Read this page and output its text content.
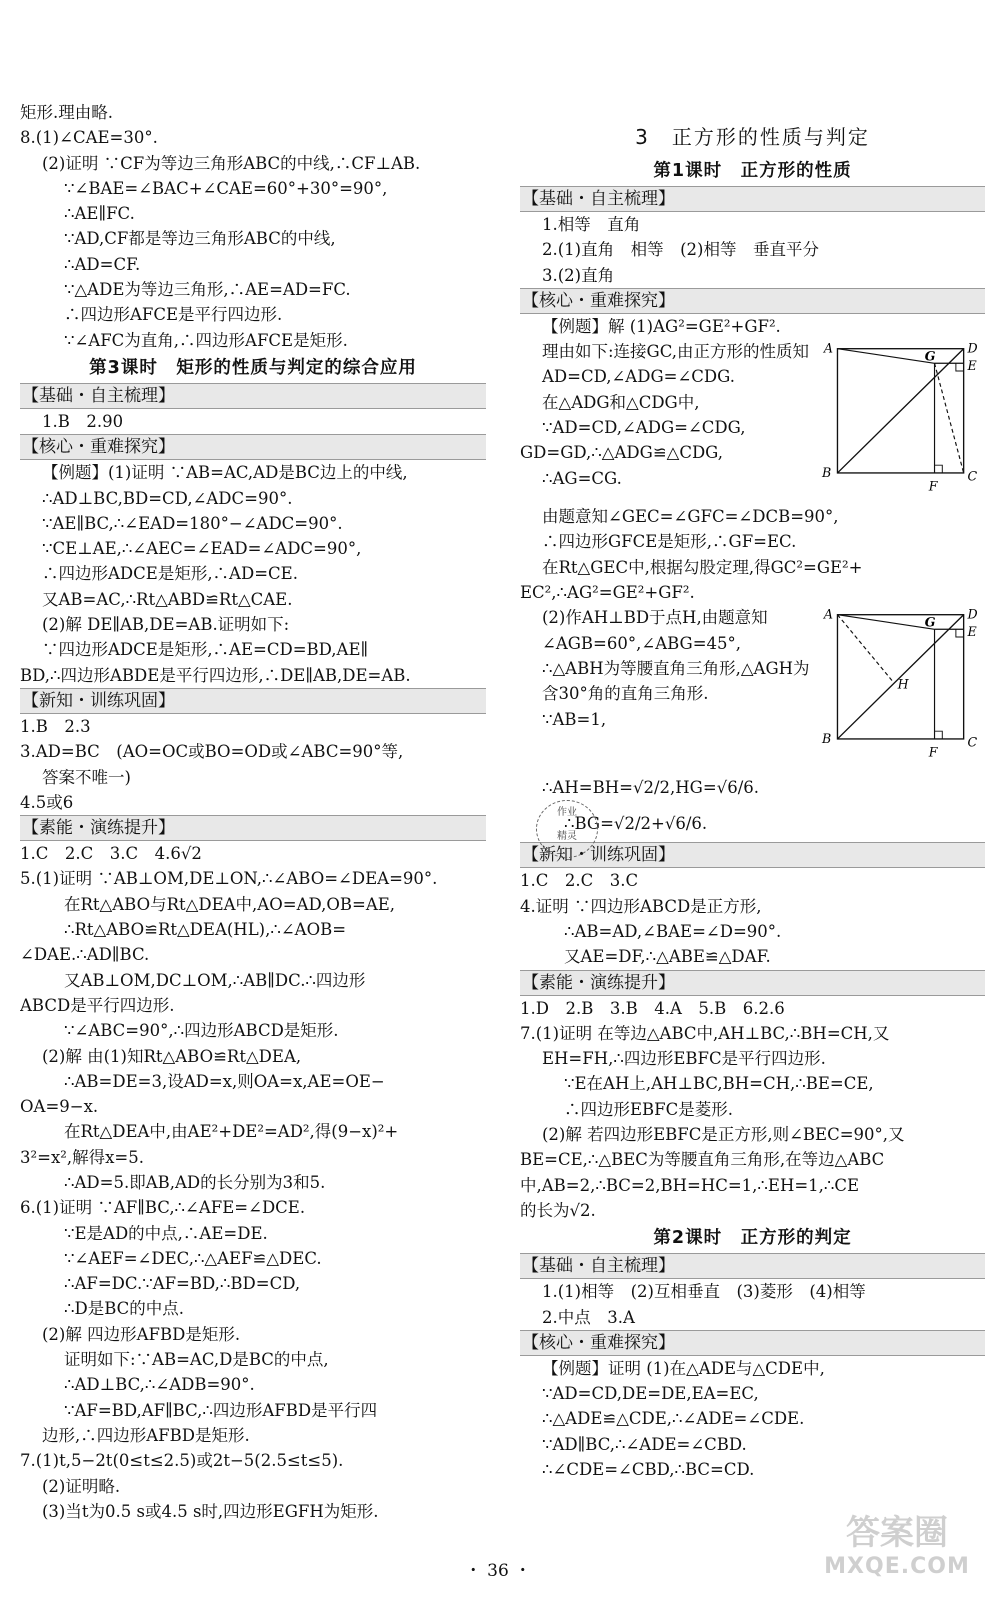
矩形.理由略.
8.(1)∠CAE=30°.
(2)证明 ∵CF为等边三角形ABC的中线,∴CF⊥AB.
∵∠BAE=∠BAC+∠CAE=60°+30°=90°,
∴AE∥FC.
∵AD,CF都是等边三角形ABC的中线,
∴AD=CF.
∵△ADE为等边三角形,∴AE=AD=FC.
∴四边形AFCE是平行四边形.
∵∠AFC为直角,∴四边形AFCE是矩形.
第3课时　矩形的性质与判定的综合应用
【基础・自主梳理】
1.B　2.90
【核心・重难探究】
【例题】(1)证明 ∵AB=AC,AD是BC边上的中线,
∴AD⊥BC,BD=CD,∠ADC=90°.
∵AE∥BC,∴∠EAD=180°−∠ADC=90°.
∵CE⊥AE,∴∠AEC=∠EAD=∠ADC=90°,
∴四边形ADCE是矩形,∴AD=CE.
又AB=AC,∴Rt△ABD≌Rt△CAE.
(2)解 DE∥AB,DE=AB.证明如下:
∵四边形ADCE是矩形,∴AE=CD=BD,AE∥
BD,∴四边形ABDE是平行四边形,∴DE∥AB,DE=AB.
【新知・训练巩固】
1.B　2.3
3.AD=BC　(AO=OC或BO=OD或∠ABC=90°等,
答案不唯一)
4.5或6
【素能・演练提升】
1.C　2.C　3.C　4.6√2
5.(1)证明 ∵AB⊥OM,DE⊥ON,∴∠ABO=∠DEA=90°.
在Rt△ABO与Rt△DEA中,AO=AD,OB=AE,
∴Rt△ABO≌Rt△DEA(HL),∴∠AOB=
∠DAE.∴AD∥BC.
又AB⊥OM,DC⊥OM,∴AB∥DC.∴四边形
ABCD是平行四边形.
∵∠ABC=90°,∴四边形ABCD是矩形.
(2)解 由(1)知Rt△ABO≌Rt△DEA,
∴AB=DE=3,设AD=x,则OA=x,AE=OE−
OA=9−x.
在Rt△DEA中,由AE²+DE²=AD²,得(9−x)²+
3²=x²,解得x=5.
∴AD=5.即AB,AD的长分别为3和5.
6.(1)证明 ∵AF∥BC,∴∠AFE=∠DCE.
∵E是AD的中点,∴AE=DE.
∵∠AEF=∠DEC,∴△AEF≌△DEC.
∴AF=DC.∵AF=BD,∴BD=CD,
∴D是BC的中点.
(2)解 四边形AFBD是矩形.
证明如下:∵AB=AC,D是BC的中点,
∴AD⊥BC,∴∠ADB=90°.
∵AF=BD,AF∥BC,∴四边形AFBD是平行四
边形,∴四边形AFBD是矩形.
7.(1)t,5−2t(0≤t≤2.5)或2t−5(2.5≤t≤5).
(2)证明略.
(3)当t为0.5 s或4.5 s时,四边形EGFH为矩形.
3　正方形的性质与判定
第1课时　正方形的性质
【基础・自主梳理】
1.相等　直角
2.(1)直角　相等　(2)相等　垂直平分
3.(2)直角
【核心・重难探究】
【例题】解 (1)AG²=GE²+GF².
A	D
G
E
B
F
C
理由如下:连接GC,由正方形的性质知AD=CD,∠ADG=∠CDG.
在△ADG和△CDG中,
∵AD=CD,∠ADG=∠CDG,
GD=GD,∴△ADG≌△CDG,
∴AG=CG.
由题意知∠GEC=∠GFC=∠DCB=90°,
∴四边形GFCE是矩形,∴GF=EC.
在Rt△GEC中,根据勾股定理,得GC²=GE²+
EC²,∴AG²=GE²+GF².
A	D
G
E
H
B
F
C
(2)作AH⊥BD于点H,由题意知∠AGB=60°,∠ABG=45°,
∴△ABH为等腰直角三角形,△AGH为含30°角的直角三角形.
∵AB=1,
∴AH=BH=√2/2,HG=√6/6.
∴BG=√2/2+√6/6.
【新知・训练巩固】
1.C　2.C　3.C
4.证明 ∵四边形ABCD是正方形,
∴AB=AD,∠BAE=∠D=90°.
又AE=DF,∴△ABE≌△DAF.
【素能・演练提升】
1.D　2.B　3.B　4.A　5.B　6.2.6
7.(1)证明 在等边△ABC中,AH⊥BC,∴BH=CH,又
EH=FH,∴四边形EBFC是平行四边形.
∵E在AH上,AH⊥BC,BH=CH,∴BE=CE,
∴四边形EBFC是菱形.
(2)解 若四边形EBFC是正方形,则∠BEC=90°,又
BE=CE,∴△BEC为等腰直角三角形,在等边△ABC
中,AB=2,∴BC=2,BH=HC=1,∴EH=1,∴CE
的长为√2.
第2课时　正方形的判定
【基础・自主梳理】
1.(1)相等　(2)互相垂直　(3)菱形　(4)相等
2.中点　3.A
【核心・重难探究】
【例题】证明 (1)在△ADE与△CDE中,
∵AD=CD,DE=DE,EA=EC,
∴△ADE≌△CDE,∴∠ADE=∠CDE.
∵AD∥BC,∴∠ADE=∠CBD.
∴∠CDE=∠CBD,∴BC=CD.
作业
精灵
・ 36 ・
答案圈
MXQE.COM
